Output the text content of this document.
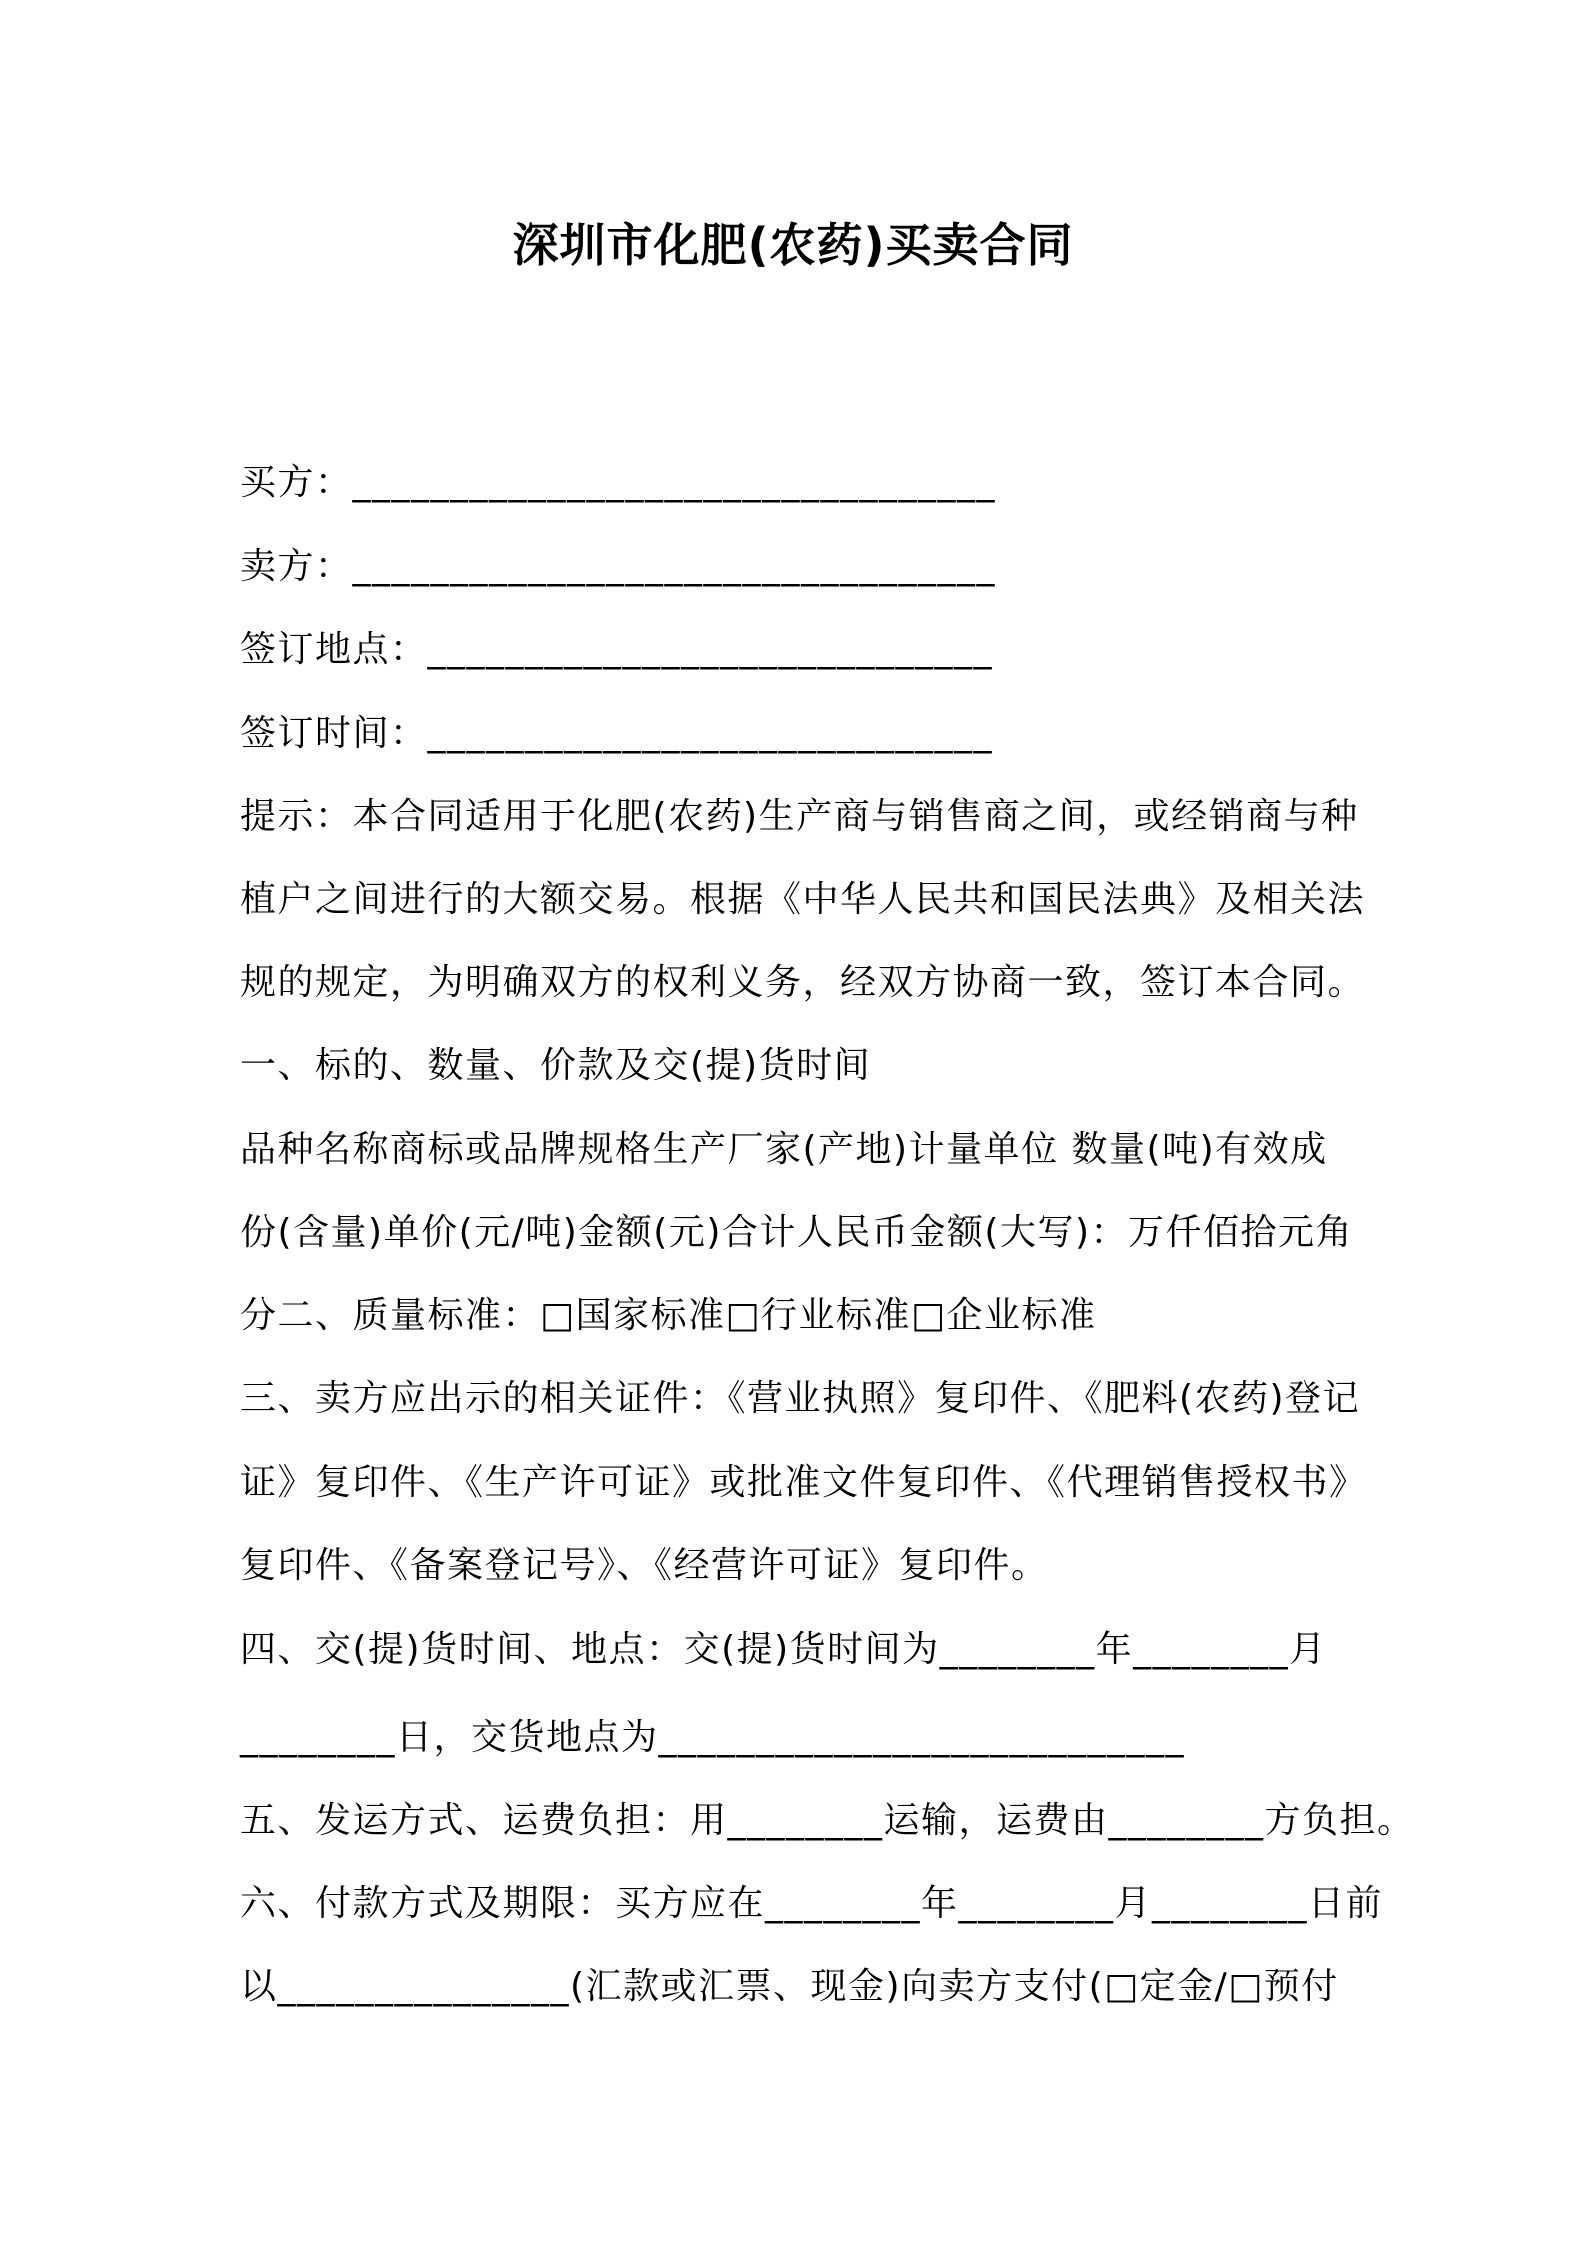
深圳市化肥(农药)买卖合同
买方：_________________________________
卖方：_________________________________
签订地点：_____________________________
签订时间：_____________________________
提示：本合同适用于化肥(农药)生产商与销售商之间，或经销商与种
植户之间进行的大额交易。根据《中华人民共和国民法典》及相关法
规的规定，为明确双方的权利义务，经双方协商一致，签订本合同。
一、标的、数量、价款及交(提)货时间
品种名称商标或品牌规格生产厂家(产地)计量单位 数量(吨)有效成
份(含量)单价(元/吨)金额(元)合计人民币金额(大写)：万仟佰拾元角
分二、质量标准：□国家标准□行业标准□企业标准
三、卖方应出示的相关证件：《营业执照》复印件、《肥料(农药)登记
证》复印件、《生产许可证》或批准文件复印件、《代理销售授权书》
复印件、《备案登记号》、《经营许可证》复印件。
四、交(提)货时间、地点：交(提)货时间为________年________月
________日，交货地点为___________________________
五、发运方式、运费负担：用________运输，运费由________方负担。
六、付款方式及期限：买方应在________年________月________日前
以_______________(汇款或汇票、现金)向卖方支付(□定金/□预付
